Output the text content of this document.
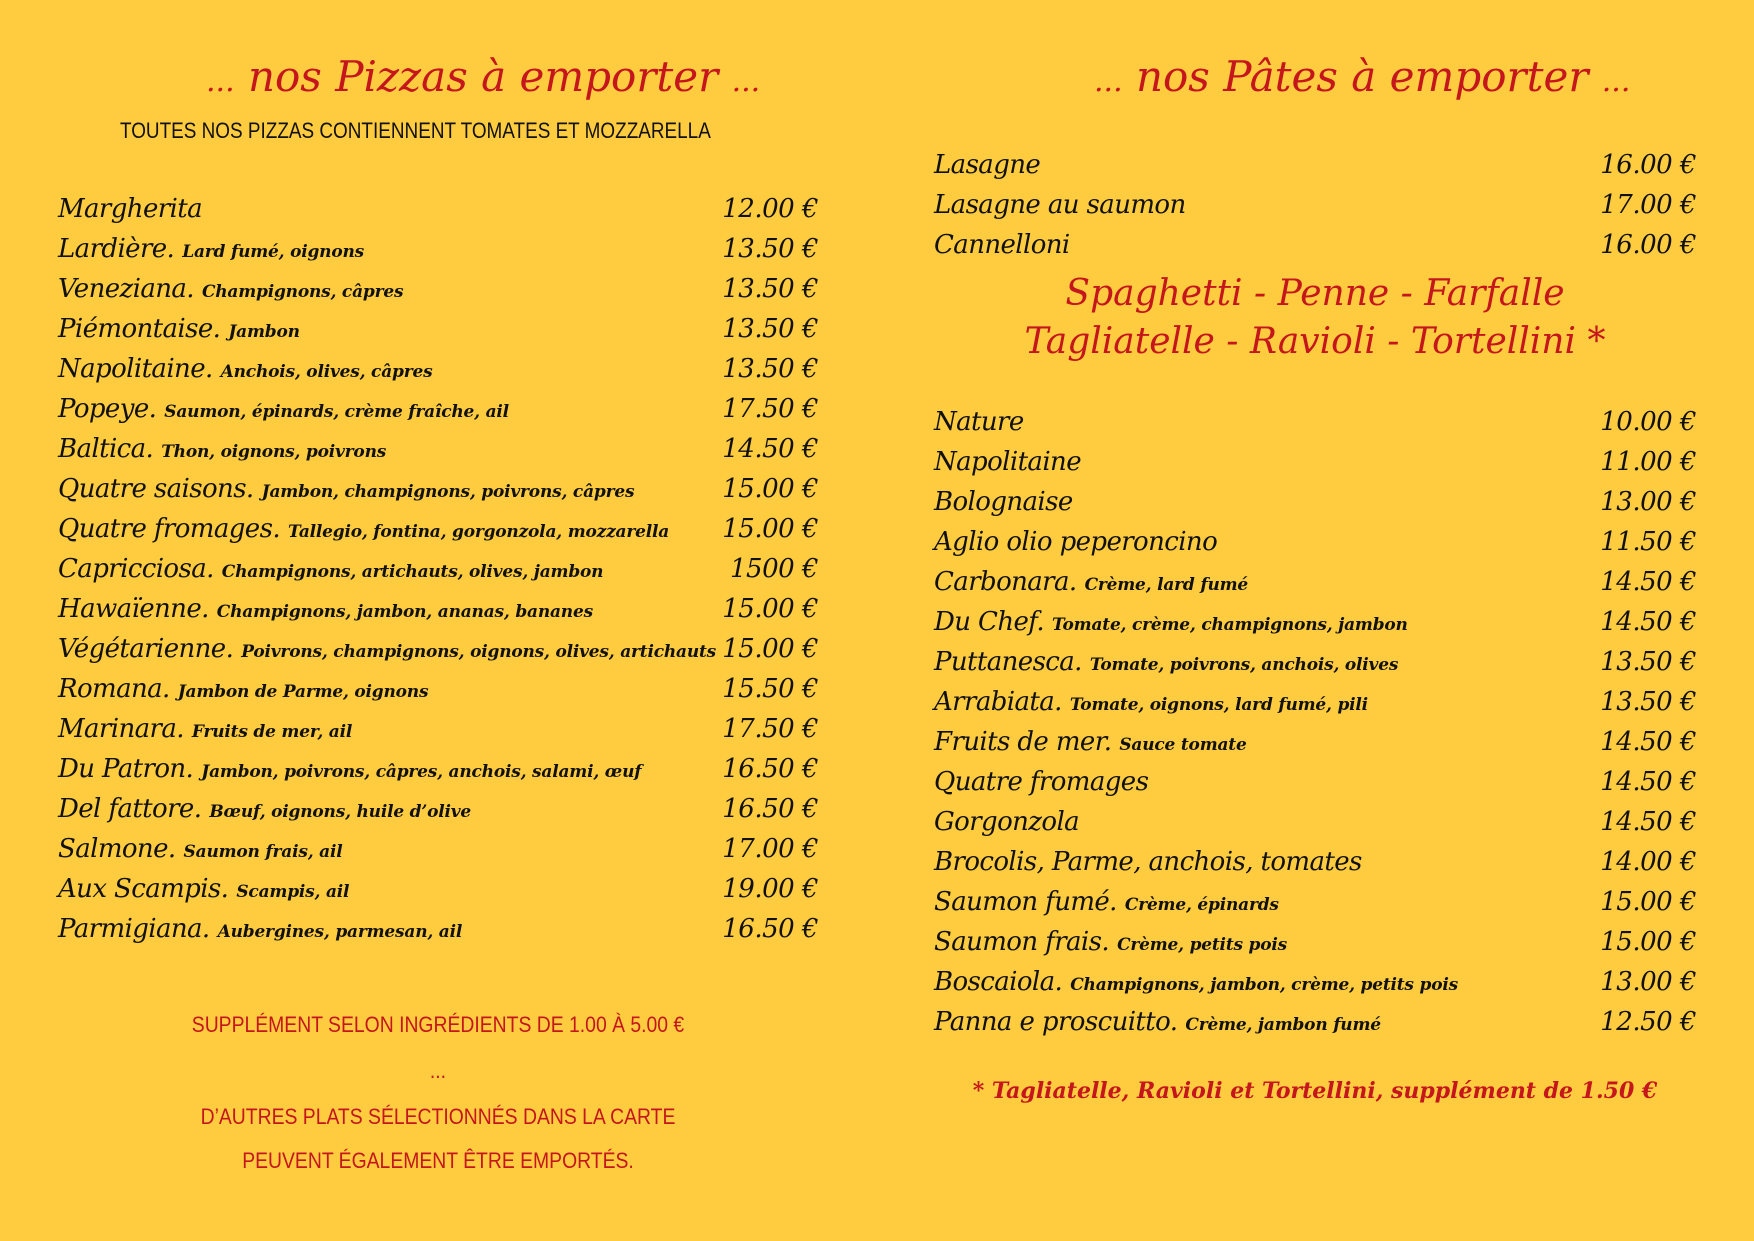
... nos Pizzas à emporter ...
TOUTES NOS PIZZAS CONTIENNENT TOMATES ET MOZZARELLA
Margherita	12.00 €
Lardière. Lard fumé, oignons	13.50 €
Veneziana. Champignons, câpres	13.50 €
Piémontaise. Jambon	13.50 €
Napolitaine. Anchois, olives, câpres	13.50 €
Popeye. Saumon, épinards, crème fraîche, ail	17.50 €
Baltica. Thon, oignons, poivrons	14.50 €
Quatre saisons. Jambon, champignons, poivrons, câpres	15.00 €
Quatre fromages. Tallegio, fontina, gorgonzola, mozzarella 15.00 €
Capricciosa. Champignons, artichauts, olives, jambon	1500 €
Hawaïenne. Champignons, jambon, ananas, bananes	15.00 €
Végétarienne. Poivrons, champignons, oignons, olives, artichauts 15.00 €
Romana. Jambon de Parme, oignons	15.50 €
Marinara. Fruits de mer, ail	17.50 €
Du Patron. Jambon, poivrons, câpres, anchois, salami, œuf	16.50 €
Del fattore. Bœuf, oignons, huile d’olive	16.50 €
Salmone. Saumon frais, ail	17.00 €
Aux Scampis. Scampis, ail	19.00 €
Parmigiana. Aubergines, parmesan, ail	16.50 €
SUPPLÉMENT SELON INGRÉDIENTS DE 1.00 À 5.00 €
...
D’AUTRES PLATS SÉLECTIONNÉS DANS LA CARTE
PEUVENT ÉGALEMENT ÊTRE EMPORTÉS.
... nos Pâtes à emporter ...
Lasagne	16.00 €
Lasagne au saumon	17.00 €
Cannelloni	16.00 €
Spaghetti - Penne - Farfalle
Tagliatelle - Ravioli - Tortellini *
Nature	10.00 €
Napolitaine	11.00 €
Bolognaise	13.00 €
Aglio olio peperoncino	11.50 €
Carbonara. Crème, lard fumé	14.50 €
Du Chef. Tomate, crème, champignons, jambon	14.50 €
Puttanesca. Tomate, poivrons, anchois, olives	13.50 €
Arrabiata. Tomate, oignons, lard fumé, pili	13.50 €
Fruits de mer. Sauce tomate	14.50 €
Quatre fromages	14.50 €
Gorgonzola	14.50 €
Brocolis, Parme, anchois, tomates	14.00 €
Saumon fumé. Crème, épinards	15.00 €
Saumon frais. Crème, petits pois	15.00 €
Boscaiola. Champignons, jambon, crème, petits pois	13.00 €
Panna e proscuitto. Crème, jambon fumé	12.50 €
* Tagliatelle, Ravioli et Tortellini, supplément de 1.50 €
